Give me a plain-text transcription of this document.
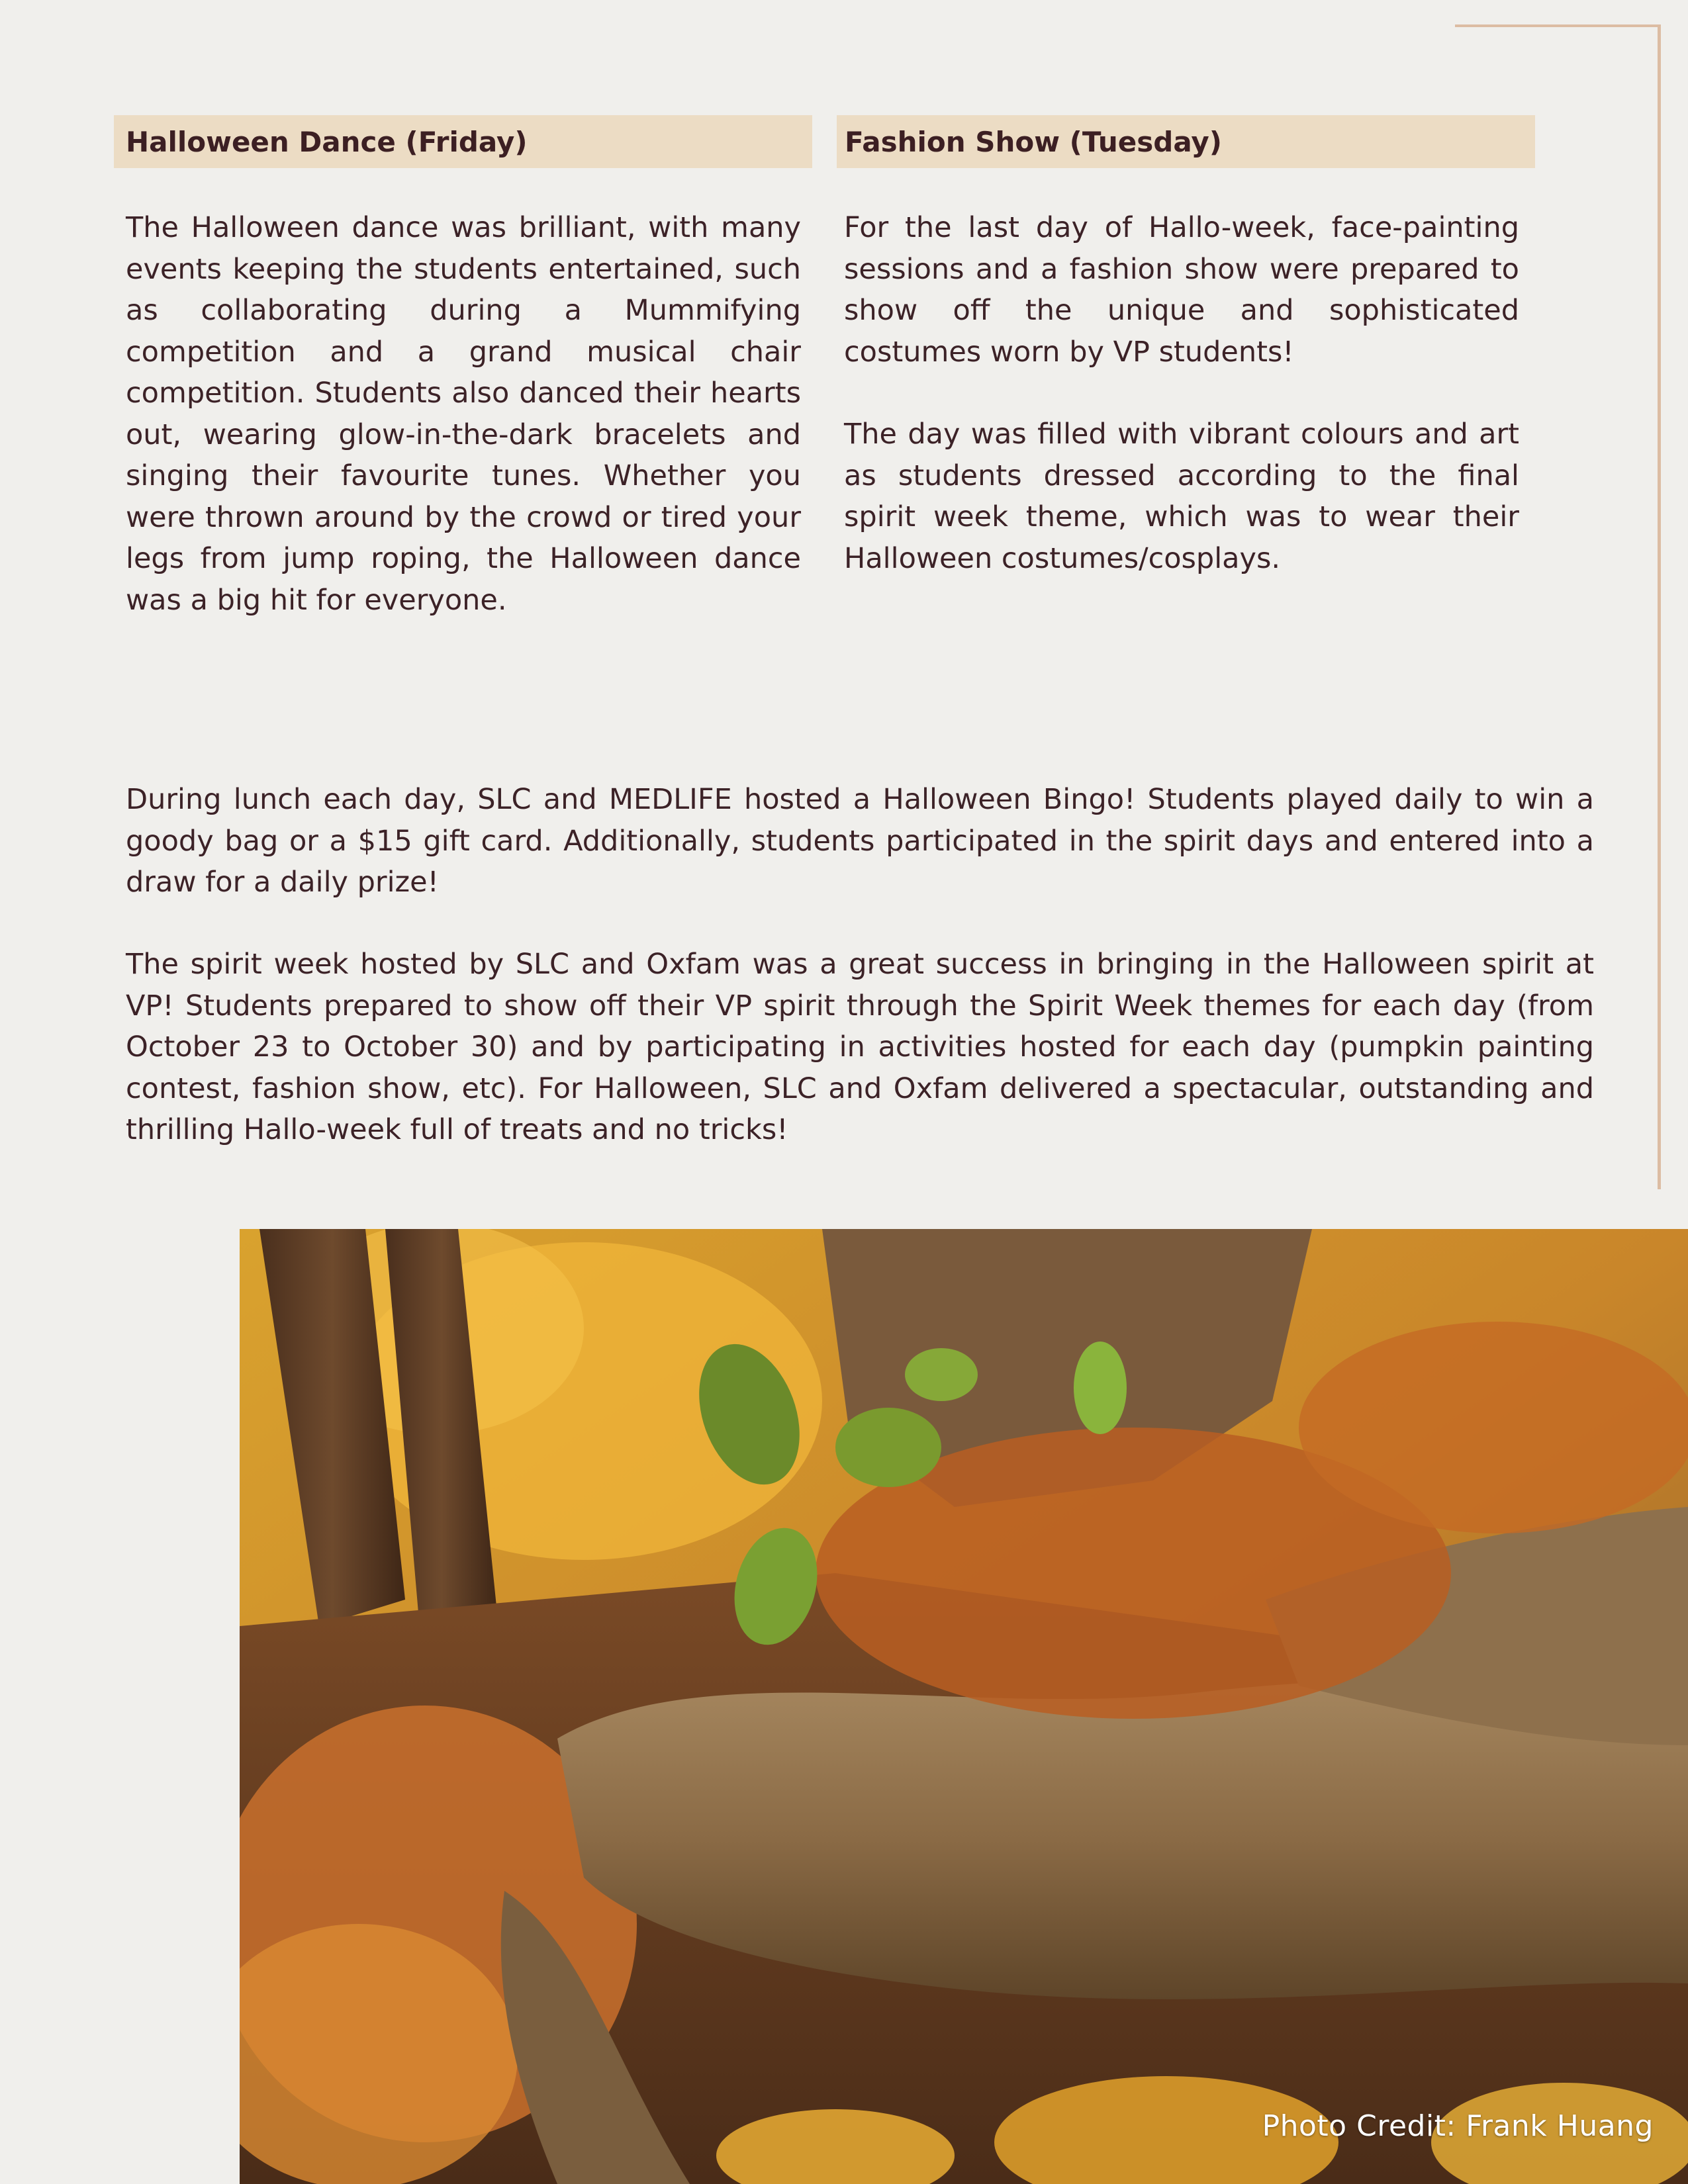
Halloween Dance (Friday)	Fashion Show (Tuesday)

The Halloween dance was brilliant, with many events keeping the students entertained, such as collaborating during a Mummifying competition and a grand musical chair competition. Students also danced their hearts out, wearing glow-in-the-dark bracelets and singing their favourite tunes. Whether you were thrown around by the crowd or tired your legs from jump roping, the Halloween dance was a big hit for everyone.

For the last day of Hallo-week, face-painting sessions and a fashion show were prepared to show off the unique and sophisticated costumes worn by VP students!

The day was filled with vibrant colours and art as students dressed according to the final spirit week theme, which was to wear their Halloween costumes/cosplays.

During lunch each day, SLC and MEDLIFE hosted a Halloween Bingo! Students played daily to win a goody bag or a $15 gift card. Additionally, students participated in the spirit days and entered into a draw for a daily prize!

The spirit week hosted by SLC and Oxfam was a great success in bringing in the Halloween spirit at VP! Students prepared to show off their VP spirit through the Spirit Week themes for each day (from October 23 to October 30) and by participating in activities hosted for each day (pumpkin painting contest, fashion show, etc). For Halloween, SLC and Oxfam delivered a spectacular, outstanding and thrilling Hallo-week full of treats and no tricks!

Photo Credit: Frank Huang
